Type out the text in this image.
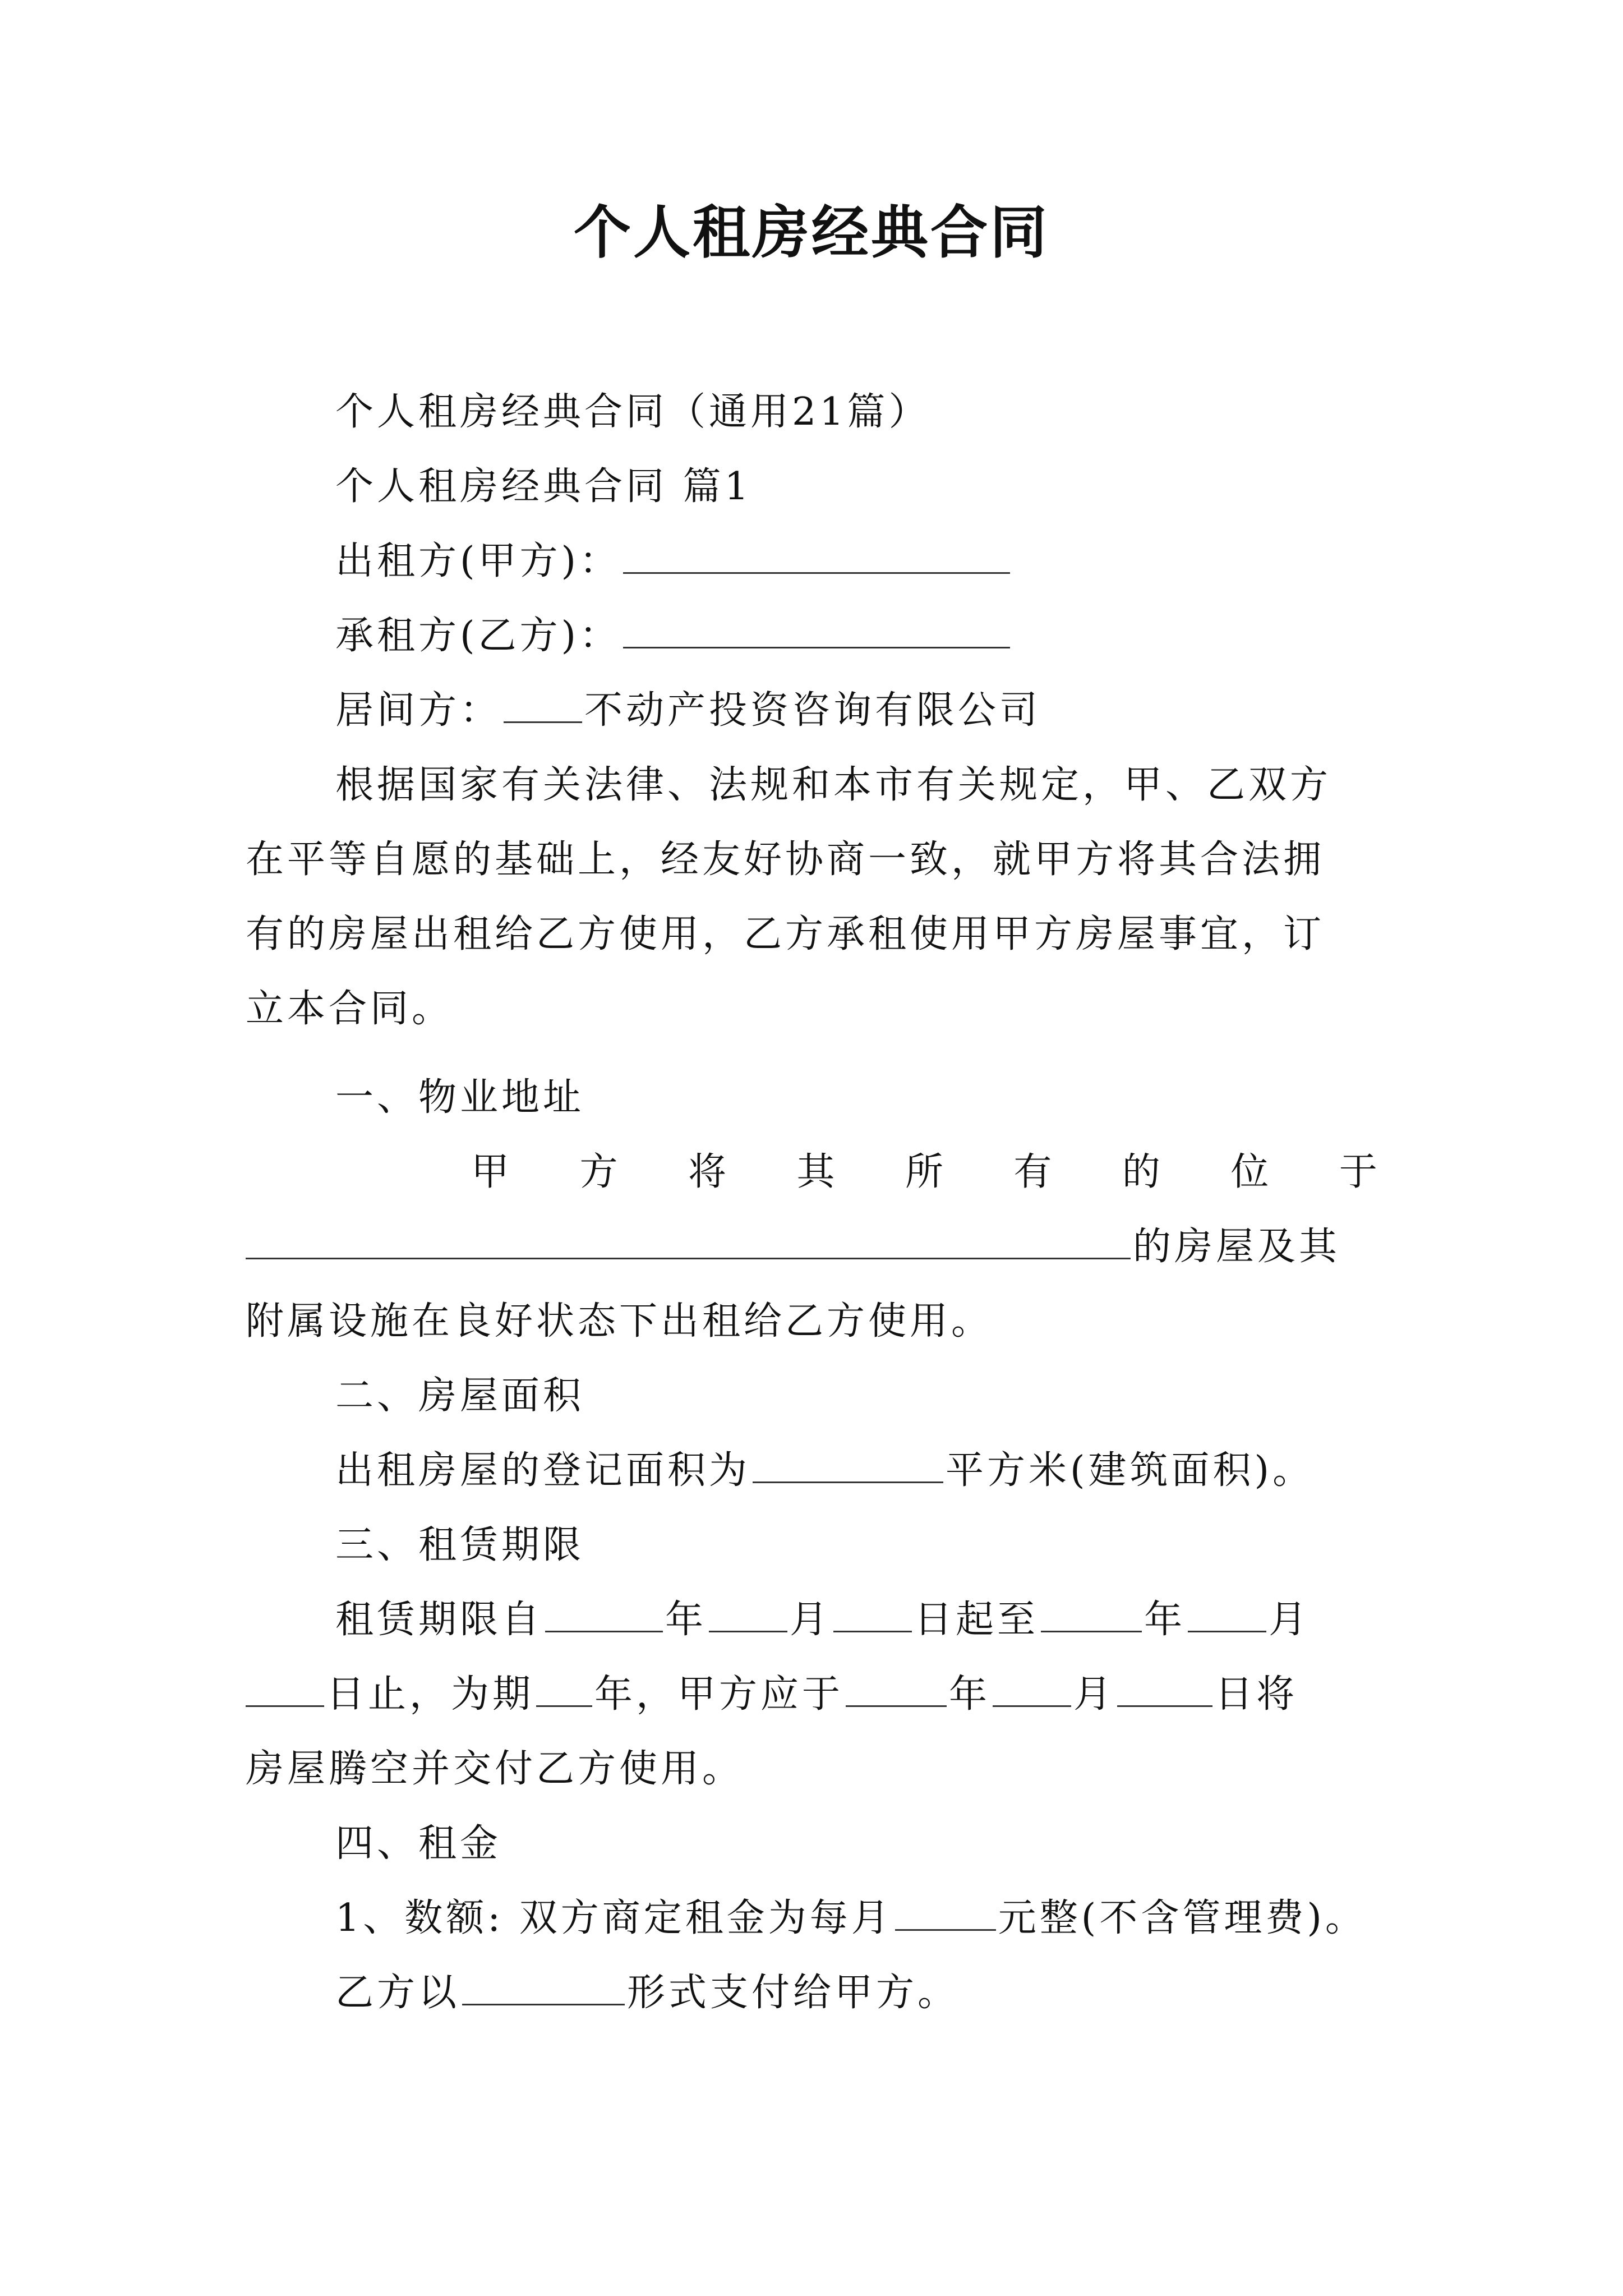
个人租房经典合同
个人租房经典合同（通用21篇）
个人租房经典合同 篇1
出租方(甲方)：
承租方(乙方)：
居间方： 不动产投资咨询有限公司
根据国家有关法律、法规和本市有关规定，甲、乙双方
在平等自愿的基础上，经友好协商一致，就甲方将其合法拥
有的房屋出租给乙方使用，乙方承租使用甲方房屋事宜，订
立本合同。
一、物业地址
甲 方 将 其 所 有 的 位 于
的房屋及其
附属设施在良好状态下出租给乙方使用。
二、房屋面积
出租房屋的登记面积为	平方米(建筑面积)。
三、租赁期限
租赁期限自	年 月 日起至	年 月
日止，为期 年，甲方应于	年 月	日将
房屋腾空并交付乙方使用。
四、租金
1、数额: 双方商定租金为每月	元整(不含管理费)。
乙方以	形式支付给甲方。
